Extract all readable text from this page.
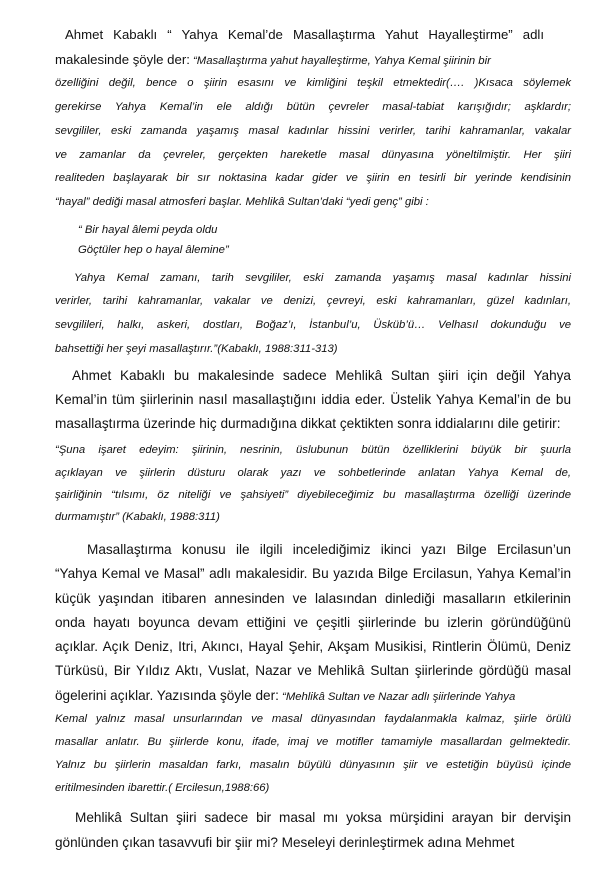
Ahmet Kabaklı “ Yahya Kemal’de Masallaştırma Yahut Hayalleştirme” adlı
makalesinde şöyle der: “Masallaştırma yahut hayalleştirme, Yahya Kemal şiirinin bir
özelliğini değil, bence o şiirin esasını ve kimliğini teşkil etmektedir(…. )Kısaca söylemek
gerekirse Yahya Kemal’in ele aldığı bütün çevreler masal-tabiat karışığıdır; aşklardır;
sevgililer, eski zamanda yaşamış masal kadınlar hissini verirler, tarihi kahramanlar, vakalar
ve zamanlar da çevreler, gerçekten hareketle masal dünyasına yöneltilmiştir. Her şiiri
realiteden başlayarak bir sır noktasina kadar gider ve şiirin en tesirli bir yerinde kendisinin
“hayal” dediği masal atmosferi başlar. Mehlikâ Sultan’daki “yedi genç” gibi :
“ Bir hayal âlemi peyda oldu
Göçtüler hep o hayal âlemine”
Yahya Kemal zamanı, tarih sevgililer, eski zamanda yaşamış masal kadınlar hissini
verirler, tarihi kahramanlar, vakalar ve denizi, çevreyi, eski kahramanları, güzel kadınları,
sevgilileri, halkı, askeri, dostları, Boğaz’ı, İstanbul’u, Üsküb’ü… Velhasıl dokunduğu ve
bahsettiği her şeyi masallaştırır.”(Kabaklı, 1988:311-313)
Ahmet Kabaklı bu makalesinde sadece Mehlikâ Sultan şiiri için değil Yahya
Kemal’in tüm şiirlerinin nasıl masallaştığını iddia eder. Üstelik Yahya Kemal’in de bu
masallaştırma üzerinde hiç durmadığına dikkat çektikten sonra iddialarını dile getirir:
“Şuna işaret edeyim: şiirinin, nesrinin, üslubunun bütün özelliklerini büyük bir şuurla
açıklayan ve şiirlerin düsturu olarak yazı ve sohbetlerinde anlatan Yahya Kemal de,
şairliğinin “tılsımı, öz niteliği ve şahsiyeti” diyebileceğimiz bu masallaştırma özelliği üzerinde
durmamıştır” (Kabaklı, 1988:311)
Masallaştırma konusu ile ilgili incelediğimiz ikinci yazı Bilge Ercilasun’un
“Yahya Kemal ve Masal” adlı makalesidir. Bu yazıda Bilge Ercilasun, Yahya Kemal’in
küçük yaşından itibaren annesinden ve lalasından dinlediği masalların etkilerinin
onda hayatı boyunca devam ettiğini ve çeşitli şiirlerinde bu izlerin göründüğünü
açıklar. Açık Deniz, Itri, Akıncı, Hayal Şehir, Akşam Musikisi, Rintlerin Ölümü, Deniz
Türküsü, Bir Yıldız Aktı, Vuslat, Nazar ve Mehlikâ Sultan şiirlerinde gördüğü masal
ögelerini açıklar. Yazısında şöyle der: “Mehlikâ Sultan ve Nazar adlı şiirlerinde Yahya
Kemal yalnız masal unsurlarından ve masal dünyasından faydalanmakla kalmaz, şiirle örülü
masallar anlatır. Bu şiirlerde konu, ifade, imaj ve motifler tamamiyle masallardan gelmektedir.
Yalnız bu şiirlerin masaldan farkı, masalın büyülü dünyasının şiir ve estetiğin büyüsü içinde
eritilmesinden ibarettir.( Ercilesun,1988:66)
Mehlikâ Sultan şiiri sadece bir masal mı yoksa mürşidini arayan bir dervişin
gönlünden çıkan tasavvufi bir şiir mi? Meseleyi derinleştirmek adına Mehmet
